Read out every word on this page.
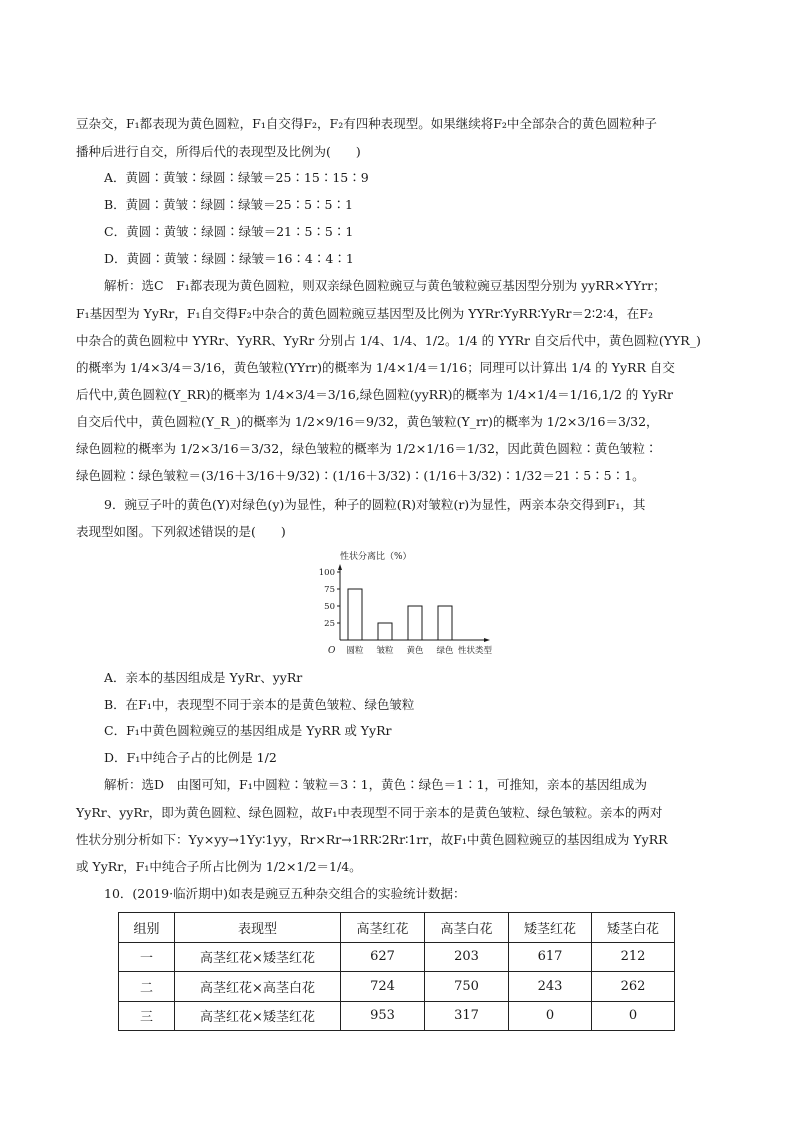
豆杂交，F₁都表现为黄色圆粒，F₁自交得F₂，F₂有四种表现型。如果继续将F₂中全部杂合的黄色圆粒种子
播种后进行自交，所得后代的表现型及比例为(　　)
A．黄圆∶黄皱∶绿圆∶绿皱＝25∶15∶15∶9
B．黄圆∶黄皱∶绿圆∶绿皱＝25∶5∶5∶1
C．黄圆∶黄皱∶绿圆∶绿皱＝21∶5∶5∶1
D．黄圆∶黄皱∶绿圆∶绿皱＝16∶4∶4∶1
解析：选C　F₁都表现为黄色圆粒，则双亲绿色圆粒豌豆与黄色皱粒豌豆基因型分别为 yyRR×YYrr；
F₁基因型为 YyRr，F₁自交得F₂中杂合的黄色圆粒豌豆基因型及比例为 YYRr∶YyRR∶YyRr＝2∶2∶4，在F₂
中杂合的黄色圆粒中 YYRr、YyRR、YyRr 分别占 1/4、1/4、1/2。1/4 的 YYRr 自交后代中，黄色圆粒(YYR_)
的概率为 1/4×3/4＝3/16，黄色皱粒(YYrr)的概率为 1/4×1/4＝1/16；同理可以计算出 1/4 的 YyRR 自交
后代中,黄色圆粒(Y_RR)的概率为 1/4×3/4＝3/16,绿色圆粒(yyRR)的概率为 1/4×1/4＝1/16,1/2 的 YyRr
自交后代中，黄色圆粒(Y_R_)的概率为 1/2×9/16＝9/32，黄色皱粒(Y_rr)的概率为 1/2×3/16＝3/32，
绿色圆粒的概率为 1/2×3/16＝3/32，绿色皱粒的概率为 1/2×1/16＝1/32，因此黄色圆粒∶黄色皱粒∶
绿色圆粒∶绿色皱粒＝(3/16＋3/16＋9/32)∶(1/16＋3/32)∶(1/16＋3/32)∶1/32＝21∶5∶5∶1。
9．豌豆子叶的黄色(Y)对绿色(y)为显性，种子的圆粒(R)对皱粒(r)为显性，两亲本杂交得到F₁，其
表现型如图。下列叙述错误的是(　　)
性状分离比（%）
25
50
75
100
圆粒 皱粒 黄色 绿色
O	性状类型
A．亲本的基因组成是 YyRr、yyRr
B．在F₁中，表现型不同于亲本的是黄色皱粒、绿色皱粒
C．F₁中黄色圆粒豌豆的基因组成是 YyRR 或 YyRr
D．F₁中纯合子占的比例是 1/2
解析：选D　由图可知，F₁中圆粒∶皱粒＝3∶1，黄色∶绿色＝1∶1，可推知，亲本的基因组成为
YyRr、yyRr，即为黄色圆粒、绿色圆粒，故F₁中表现型不同于亲本的是黄色皱粒、绿色皱粒。亲本的两对
性状分别分析如下：Yy×yy→1Yy∶1yy，Rr×Rr→1RR∶2Rr∶1rr，故F₁中黄色圆粒豌豆的基因组成为 YyRR
或 YyRr，F₁中纯合子所占比例为 1/2×1/2＝1/4。
10．(2019·临沂期中)如表是豌豆五种杂交组合的实验统计数据：
组别	表现型	高茎红花	高茎白花	矮茎红花	矮茎白花
一	高茎红花×矮茎红花	627	203	617	212
二	高茎红花×高茎白花	724	750	243	262
三	高茎红花×矮茎红花	953	317	0	0
